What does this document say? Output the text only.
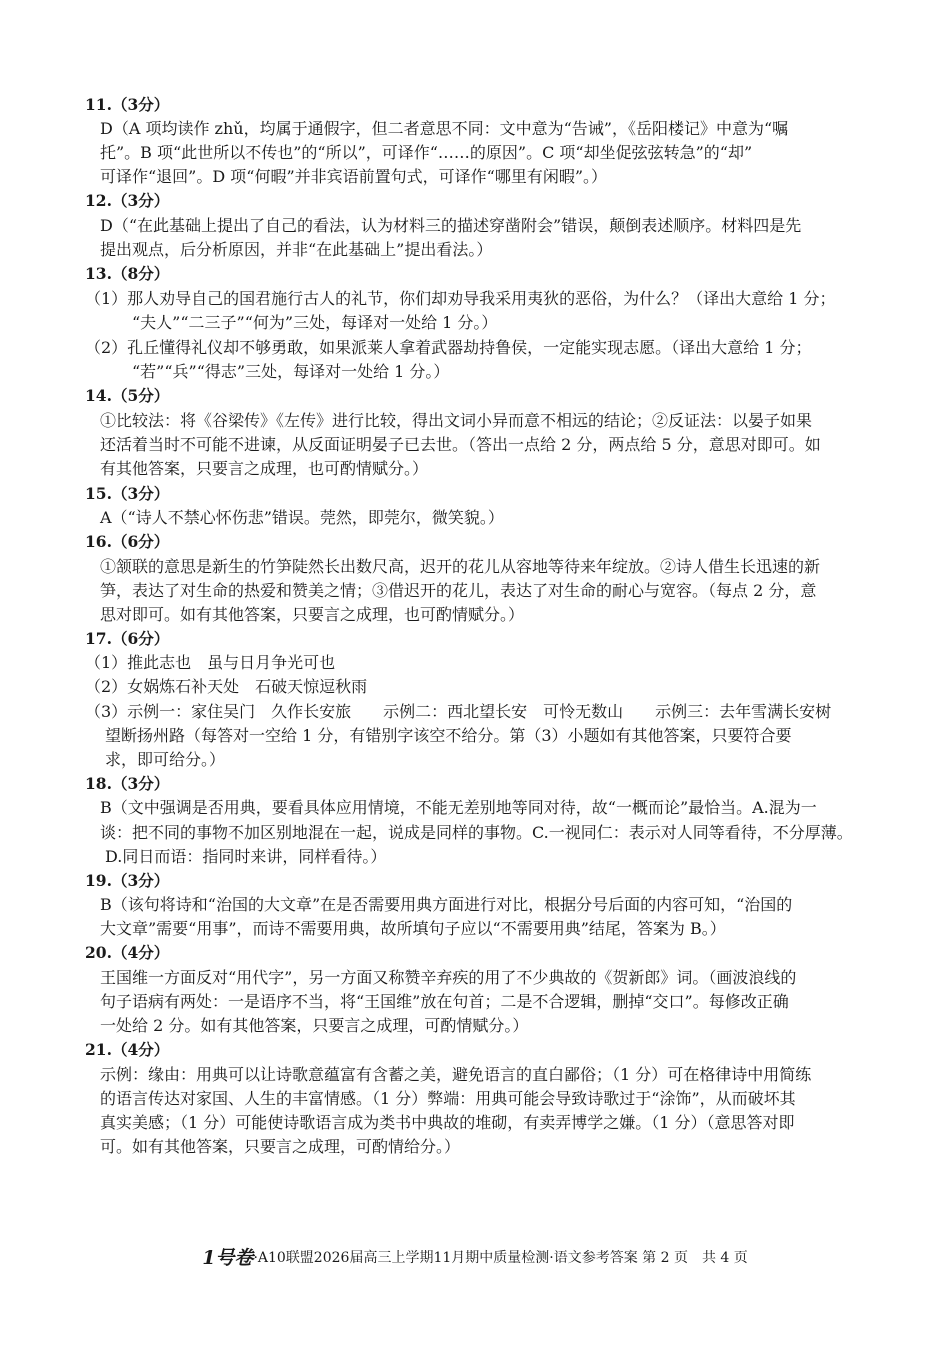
11.（3分）
D（A 项均读作 zhǔ，均属于通假字，但二者意思不同：文中意为“告诫”，《岳阳楼记》中意为“嘱
托”。B 项“此世所以不传也”的“所以”，可译作“……的原因”。C 项“却坐促弦弦转急”的“却”
可译作“退回”。D 项“何暇”并非宾语前置句式，可译作“哪里有闲暇”。）
12.（3分）
D（“在此基础上提出了自己的看法，认为材料三的描述穿凿附会”错误，颠倒表述顺序。材料四是先
提出观点，后分析原因，并非“在此基础上”提出看法。）
13.（8分）
（1）那人劝导自己的国君施行古人的礼节，你们却劝导我采用夷狄的恶俗，为什么？（译出大意给 1 分；
“夫人”“二三子”“何为”三处，每译对一处给 1 分。）
（2）孔丘懂得礼仪却不够勇敢，如果派莱人拿着武器劫持鲁侯，一定能实现志愿。（译出大意给 1 分；
“若”“兵”“得志”三处，每译对一处给 1 分。）
14.（5分）
①比较法：将《谷梁传》《左传》进行比较，得出文词小异而意不相远的结论；②反证法：以晏子如果
还活着当时不可能不进谏，从反面证明晏子已去世。（答出一点给 2 分，两点给 5 分，意思对即可。如
有其他答案，只要言之成理，也可酌情赋分。）
15.（3分）
A（“诗人不禁心怀伤悲”错误。莞然，即莞尔，微笑貌。）
16.（6分）
①颔联的意思是新生的竹笋陡然长出数尺高，迟开的花儿从容地等待来年绽放。②诗人借生长迅速的新
笋，表达了对生命的热爱和赞美之情；③借迟开的花儿，表达了对生命的耐心与宽容。（每点 2 分，意
思对即可。如有其他答案，只要言之成理，也可酌情赋分。）
17.（6分）
（1）推此志也　虽与日月争光可也
（2）女娲炼石补天处　石破天惊逗秋雨
（3）示例一：家住吴门　久作长安旅　　示例二：西北望长安　可怜无数山　　示例三：去年雪满长安树
望断扬州路（每答对一空给 1 分，有错别字该空不给分。第（3）小题如有其他答案，只要符合要
求，即可给分。）
18.（3分）
B（文中强调是否用典，要看具体应用情境，不能无差别地等同对待，故“一概而论”最恰当。A.混为一
谈：把不同的事物不加区别地混在一起，说成是同样的事物。C.一视同仁：表示对人同等看待，不分厚薄。
D.同日而语：指同时来讲，同样看待。）
19.（3分）
B（该句将诗和“治国的大文章”在是否需要用典方面进行对比，根据分号后面的内容可知，“治国的
大文章”需要“用事”，而诗不需要用典，故所填句子应以“不需要用典”结尾，答案为 B。）
20.（4分）
王国维一方面反对“用代字”，另一方面又称赞辛弃疾的用了不少典故的《贺新郎》词。（画波浪线的
句子语病有两处：一是语序不当，将“王国维”放在句首；二是不合逻辑，删掉“交口”。每修改正确
一处给 2 分。如有其他答案，只要言之成理，可酌情赋分。）
21.（4分）
示例：缘由：用典可以让诗歌意蕴富有含蓄之美，避免语言的直白鄙俗；（1 分）可在格律诗中用简练
的语言传达对家国、人生的丰富情感。（1 分）弊端：用典可能会导致诗歌过于“涂饰”，从而破坏其
真实美感；（1 分）可能使诗歌语言成为类书中典故的堆砌，有卖弄博学之嫌。（1 分）（意思答对即
可。如有其他答案，只要言之成理，可酌情给分。）
1号卷·A10联盟2026届高三上学期11月期中质量检测·语文参考答案 第 2 页　共 4 页
